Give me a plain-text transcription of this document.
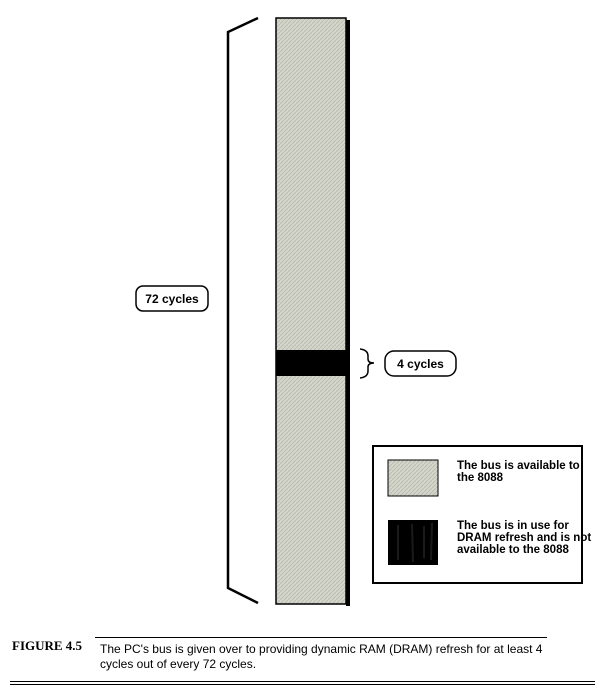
72 cycles
4 cycles
The bus is available to the 8088
The bus is in use for DRAM refresh and is not available to the 8088
FIGURE 4.5 The PC's bus is given over to providing dynamic RAM (DRAM) refresh for at least 4 cycles out of every 72 cycles.
